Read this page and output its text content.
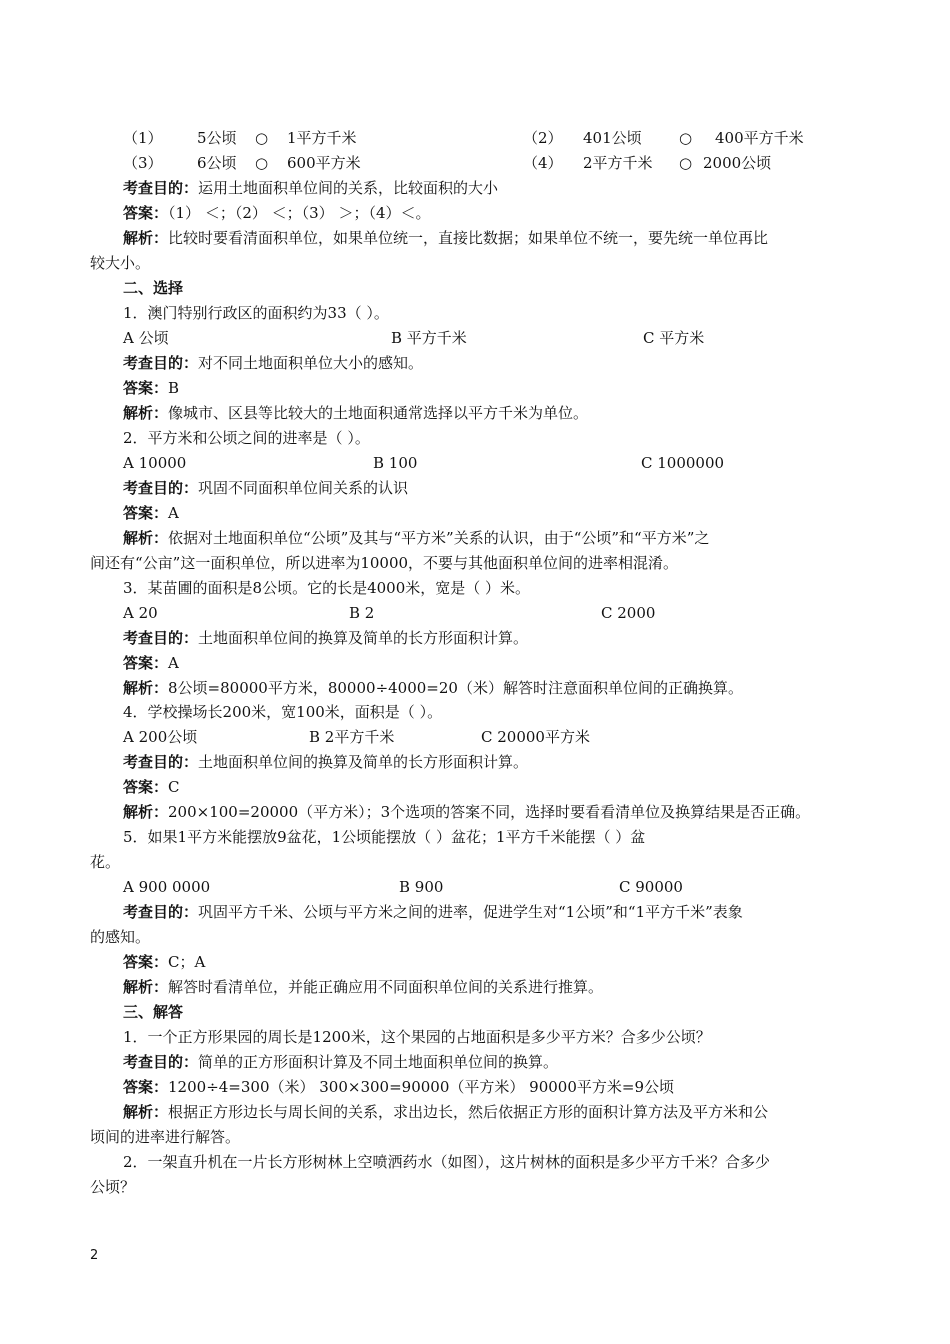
（1） 5公顷 ○ 1平方千米	（2） 401公顷 ○ 400平方千米
（3） 6公顷 ○ 600平方米	（4） 2平方千米 ○ 2000公顷
考查目的：运用土地面积单位间的关系，比较面积的大小
答案：（1） ＜；（2） ＜；（3） ＞；（4）＜。
解析：比较时要看清面积单位，如果单位统一，直接比数据；如果单位不统一，要先统一单位再比
较大小。
二、选择
1．澳门特别行政区的面积约为33（ ）。
A 公顷	B 平方千米	C 平方米
考查目的：对不同土地面积单位大小的感知。
答案：B
解析：像城市、区县等比较大的土地面积通常选择以平方千米为单位。
2．平方米和公顷之间的进率是（ ）。
A 10000	B 100	C 1000000
考查目的：巩固不同面积单位间关系的认识
答案：A
解析：依据对土地面积单位“公顷”及其与“平方米”关系的认识，由于“公顷”和“平方米”之
间还有“公亩”这一面积单位，所以进率为10000，不要与其他面积单位间的进率相混淆。
3．某苗圃的面积是8公顷。它的长是4000米，宽是（ ）米。
A 20	B 2	C 2000
考查目的：土地面积单位间的换算及简单的长方形面积计算。
答案：A
解析：8公顷=80000平方米，80000÷4000=20（米）解答时注意面积单位间的正确换算。
4．学校操场长200米，宽100米，面积是（ ）。
A 200公顷	B 2平方千米	C 20000平方米
考查目的：土地面积单位间的换算及简单的长方形面积计算。
答案：C
解析：200×100=20000（平方米）；3个选项的答案不同，选择时要看看清单位及换算结果是否正确。
5．如果1平方米能摆放9盆花，1公顷能摆放（ ）盆花；1平方千米能摆（ ）盆
花。
A 900 0000	B 900	C 90000
考查目的：巩固平方千米、公顷与平方米之间的进率，促进学生对“1公顷”和“1平方千米”表象
的感知。
答案：C；A
解析：解答时看清单位，并能正确应用不同面积单位间的关系进行推算。
三、解答
1．一个正方形果园的周长是1200米，这个果园的占地面积是多少平方米？合多少公顷？
考查目的：简单的正方形面积计算及不同土地面积单位间的换算。
答案：1200÷4=300（米） 300×300=90000（平方米） 90000平方米=9公顷
解析：根据正方形边长与周长间的关系，求出边长，然后依据正方形的面积计算方法及平方米和公
顷间的进率进行解答。
2．一架直升机在一片长方形树林上空喷洒药水（如图），这片树林的面积是多少平方千米？合多少
公顷？
2
